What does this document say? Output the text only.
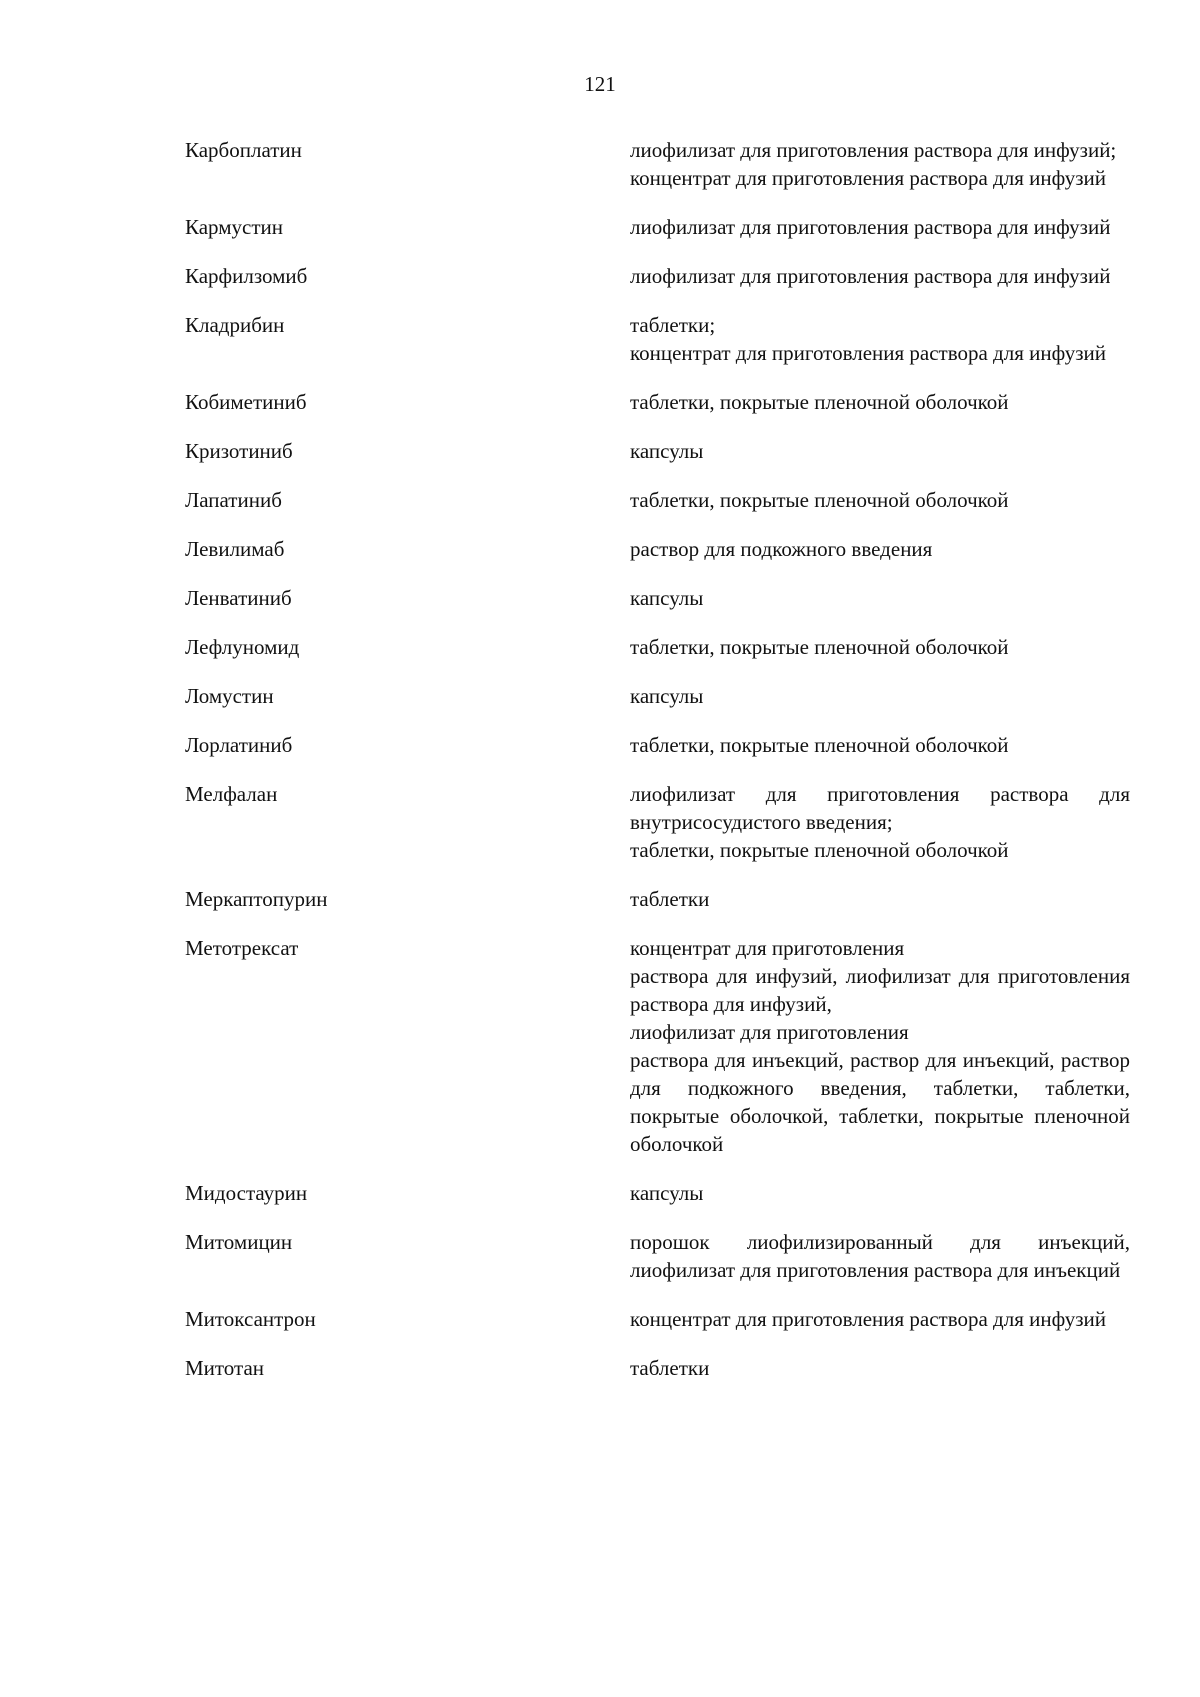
121
Карбоплатин	лиофилизат для приготовления раствора для инфузий;
концентрат для приготовления раствора для инфузий
Кармустин	лиофилизат для приготовления раствора для инфузий
Карфилзомиб	лиофилизат для приготовления раствора для инфузий
Кладрибин	таблетки;
концентрат для приготовления раствора для инфузий
Кобиметиниб	таблетки, покрытые пленочной оболочкой
Кризотиниб	капсулы
Лапатиниб	таблетки, покрытые пленочной оболочкой
Левилимаб	раствор для подкожного введения
Ленватиниб	капсулы
Лефлуномид	таблетки, покрытые пленочной оболочкой
Ломустин	капсулы
Лорлатиниб	таблетки, покрытые пленочной оболочкой
Мелфалан	лиофилизат для приготовления раствора для внутрисосудистого введения;
таблетки, покрытые пленочной оболочкой
Меркаптопурин	таблетки
Метотрексат	концентрат для приготовления
раствора для инфузий, лиофилизат для приготовления раствора для инфузий,
лиофилизат для приготовления
раствора для инъекций, раствор для инъекций, раствор для подкожного введения, таблетки, таблетки, покрытые оболочкой, таблетки, покрытые пленочной оболочкой
Мидостаурин	капсулы
Митомицин	порошок лиофилизированный для инъекций, лиофилизат для приготовления раствора для инъекций
Митоксантрон	концентрат для приготовления раствора для инфузий
Митотан	таблетки
